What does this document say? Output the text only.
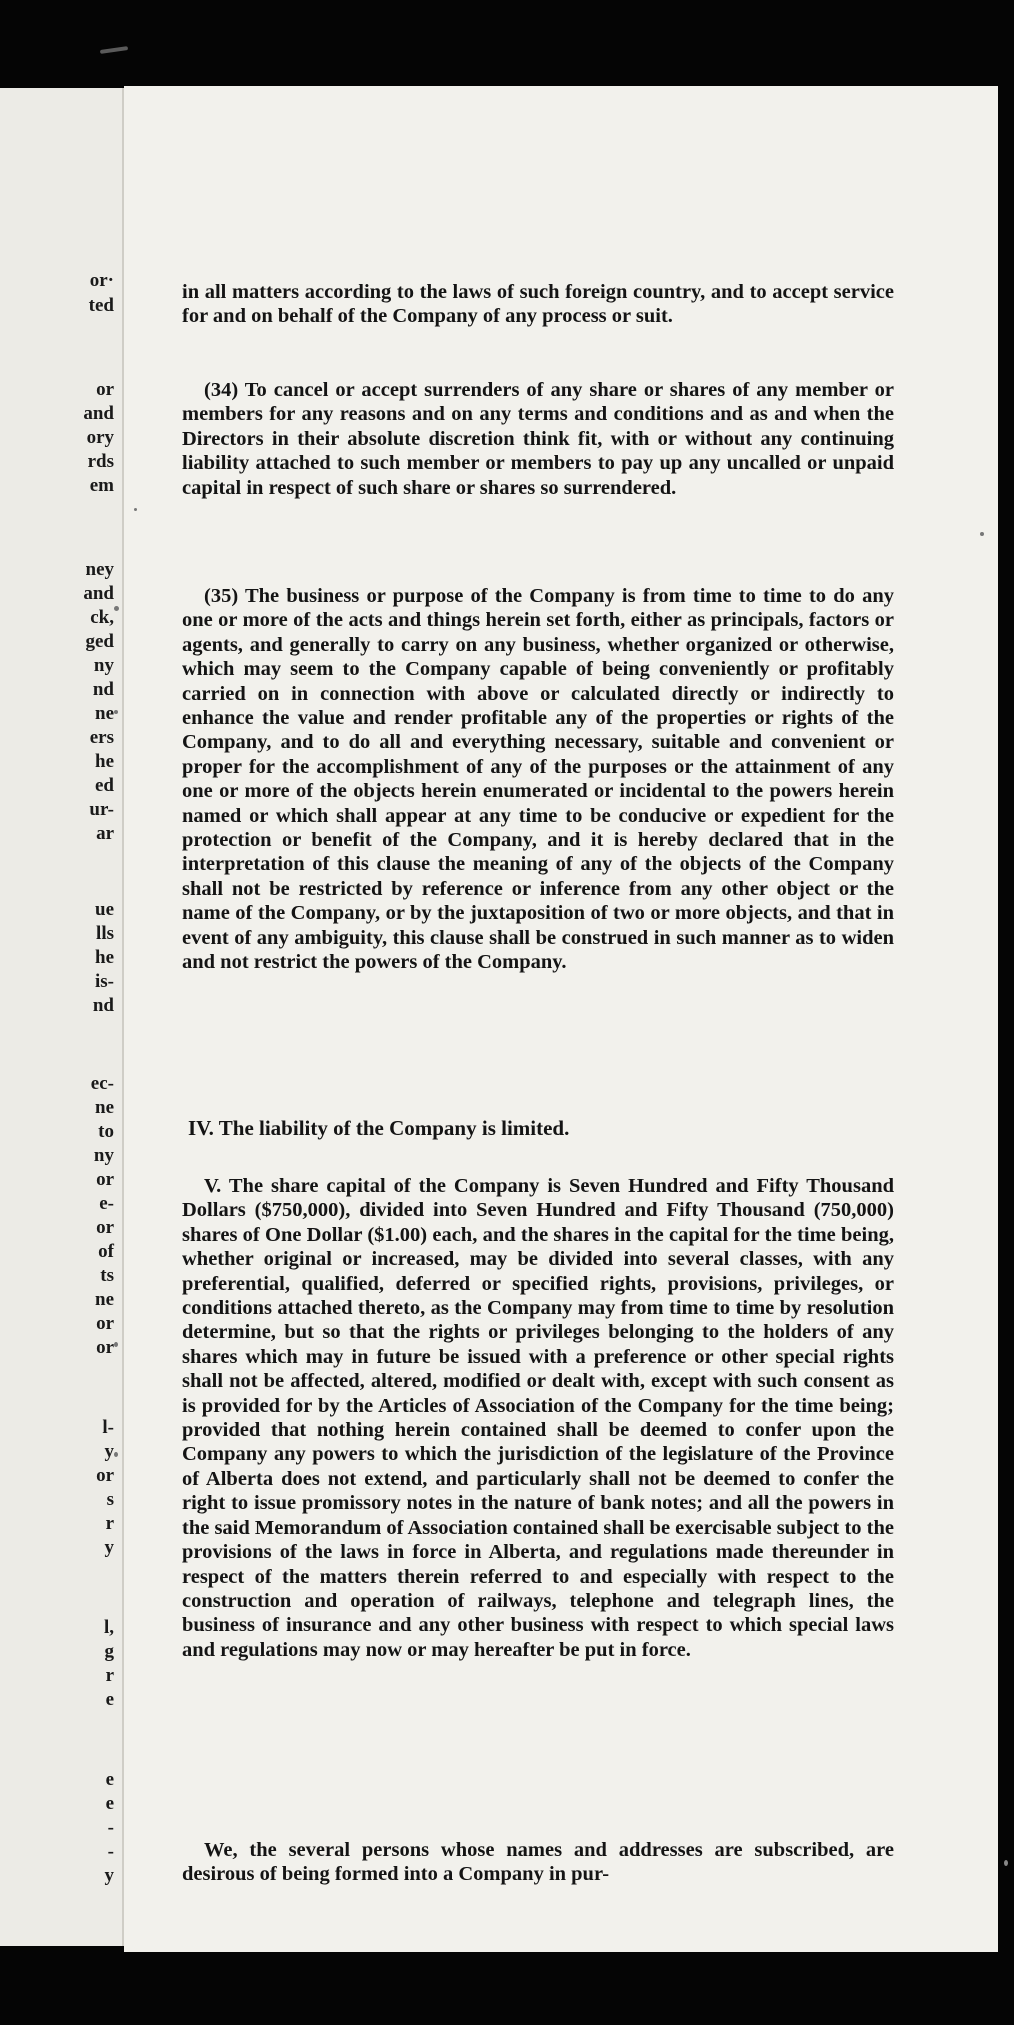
or·
ted
or
and
ory
rds
em
ney
and
ck,
ged
ny
nd
ne
ers
he
ed
ur-
ar
ue
lls
he
is-
nd
ec-
ne
to
ny
or
e-
or
of
ts
ne
or
or
l-
y
or
s
r
y
l,
g
r
e
e
e
-
-
y

in all matters according to the laws of such foreign country, and to accept service for and on behalf of the Company of any process or suit.

(34) To cancel or accept surrenders of any share or shares of any member or members for any reasons and on any terms and conditions and as and when the Directors in their absolute discretion think fit, with or without any continuing liability attached to such member or members to pay up any uncalled or unpaid capital in respect of such share or shares so surrendered.

(35) The business or purpose of the Company is from time to time to do any one or more of the acts and things herein set forth, either as principals, factors or agents, and generally to carry on any business, whether organized or otherwise, which may seem to the Company capable of being conveniently or profitably carried on in connection with above or calculated directly or indirectly to enhance the value and render profitable any of the properties or rights of the Company, and to do all and everything necessary, suitable and convenient or proper for the accomplishment of any of the purposes or the attainment of any one or more of the objects herein enumerated or incidental to the powers herein named or which shall appear at any time to be conducive or expedient for the protection or benefit of the Company, and it is hereby declared that in the interpretation of this clause the meaning of any of the objects of the Company shall not be restricted by reference or inference from any other object or the name of the Company, or by the juxtaposition of two or more objects, and that in event of any ambiguity, this clause shall be construed in such manner as to widen and not restrict the powers of the Company.

IV. The liability of the Company is limited.

V. The share capital of the Company is Seven Hundred and Fifty Thousand Dollars ($750,000), divided into Seven Hundred and Fifty Thousand (750,000) shares of One Dollar ($1.00) each, and the shares in the capital for the time being, whether original or increased, may be divided into several classes, with any preferential, qualified, deferred or specified rights, provisions, privileges, or conditions attached thereto, as the Company may from time to time by resolution determine, but so that the rights or privileges belonging to the holders of any shares which may in future be issued with a preference or other special rights shall not be affected, altered, modified or dealt with, except with such consent as is provided for by the Articles of Association of the Company for the time being; provided that nothing herein contained shall be deemed to confer upon the Company any powers to which the jurisdiction of the legislature of the Province of Alberta does not extend, and particularly shall not be deemed to confer the right to issue promissory notes in the nature of bank notes; and all the powers in the said Memorandum of Association contained shall be exercisable subject to the provisions of the laws in force in Alberta, and regulations made thereunder in respect of the matters therein referred to and especially with respect to the construction and operation of railways, telephone and telegraph lines, the business of insurance and any other business with respect to which special laws and regulations may now or may hereafter be put in force.

We, the several persons whose names and addresses are subscribed, are desirous of being formed into a Company in pur-
